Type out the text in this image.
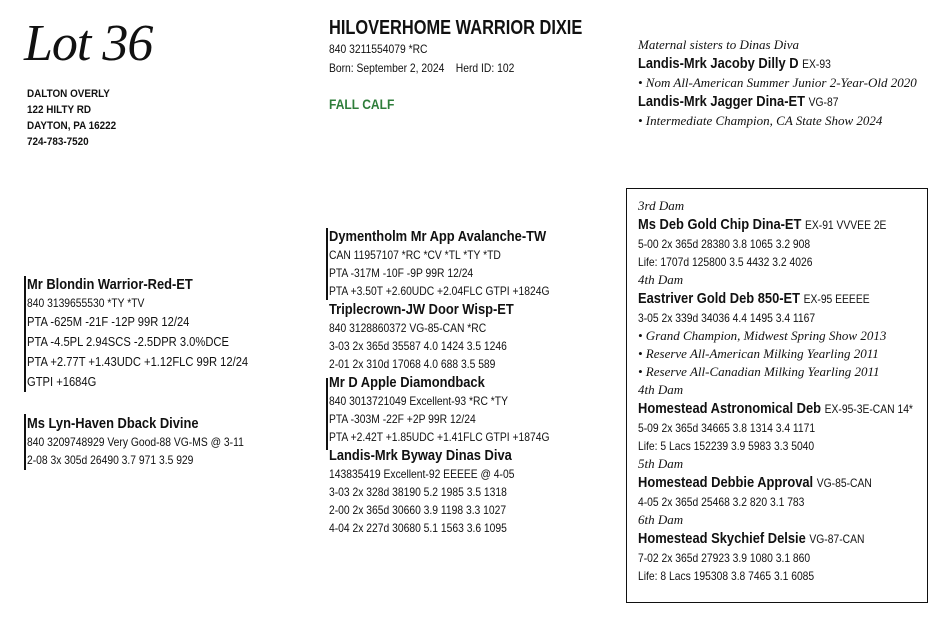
Lot 36
DALTON OVERLY
122 HILTY RD
DAYTON, PA 16222
724-783-7520
HILOVERHOME WARRIOR DIXIE
840 3211554079 *RC
Born: September 2, 2024 Herd ID: 102
FALL CALF
Maternal sisters to Dinas Diva
Landis-Mrk Jacoby Dilly D EX-93
• Nom All-American Summer Junior 2-Year-Old 2020
Landis-Mrk Jagger Dina-ET VG-87
• Intermediate Champion, CA State Show 2024
Mr Blondin Warrior-Red-ET
840 3139655530 *TY *TV
PTA -625M -21F -12P 99R 12/24
PTA -4.5PL 2.94SCS -2.5DPR 3.0%DCE
PTA +2.77T +1.43UDC +1.12FLC 99R 12/24
GTPI +1684G
Ms Lyn-Haven Dback Divine
840 3209748929 Very Good-88 VG-MS @ 3-11
2-08 3x 305d 26490 3.7 971 3.5 929
Dymentholm Mr App Avalanche-TW
CAN 11957107 *RC *CV *TL *TY *TD
PTA -317M -10F -9P 99R 12/24
PTA +3.50T +2.60UDC +2.04FLC GTPI +1824G
Triplecrown-JW Door Wisp-ET
840 3128860372 VG-85-CAN *RC
3-03 2x 365d 35587 4.0 1424 3.5 1246
2-01 2x 310d 17068 4.0 688 3.5 589
Mr D Apple Diamondback
840 3013721049 Excellent-93 *RC *TY
PTA -303M -22F +2P 99R 12/24
PTA +2.42T +1.85UDC +1.41FLC GTPI +1874G
Landis-Mrk Byway Dinas Diva
143835419 Excellent-92 EEEEE @ 4-05
3-03 2x 328d 38190 5.2 1985 3.5 1318
2-00 2x 365d 30660 3.9 1198 3.3 1027
4-04 2x 227d 30680 5.1 1563 3.6 1095
3rd Dam
Ms Deb Gold Chip Dina-ET EX-91 VVVEE 2E
5-00 2x 365d 28380 3.8 1065 3.2 908
Life: 1707d 125800 3.5 4432 3.2 4026
4th Dam
Eastriver Gold Deb 850-ET EX-95 EEEEE
3-05 2x 339d 34036 4.4 1495 3.4 1167
• Grand Champion, Midwest Spring Show 2013
• Reserve All-American Milking Yearling 2011
• Reserve All-Canadian Milking Yearling 2011
4th Dam
Homestead Astronomical Deb EX-95-3E-CAN 14*
5-09 2x 365d 34665 3.8 1314 3.4 1171
Life: 5 Lacs 152239 3.9 5983 3.3 5040
5th Dam
Homestead Debbie Approval VG-85-CAN
4-05 2x 365d 25468 3.2 820 3.1 783
6th Dam
Homestead Skychief Delsie VG-87-CAN
7-02 2x 365d 27923 3.9 1080 3.1 860
Life: 8 Lacs 195308 3.8 7465 3.1 6085
